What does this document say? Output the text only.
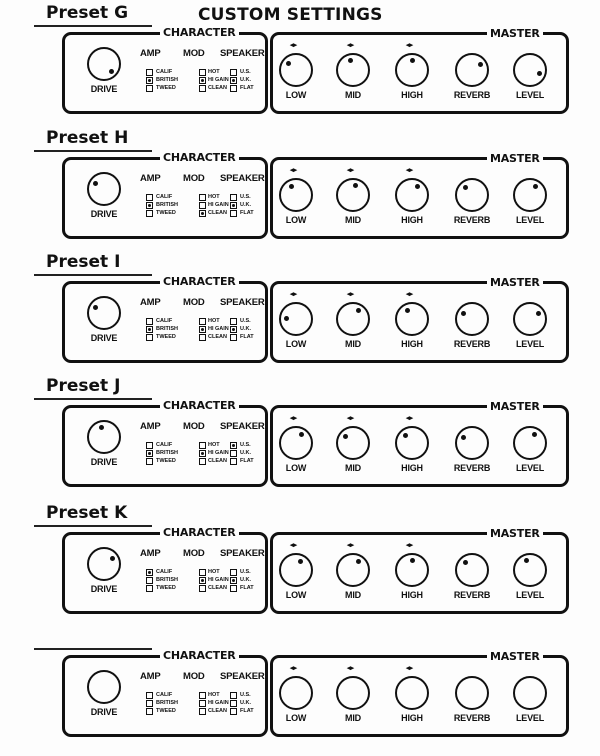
CUSTOM SETTINGS
Preset G
CHARACTER
DRIVE
AMP
CALIF
BRITISH
TWEED
MOD
HOT
HI GAIN
CLEAN
SPEAKER
U.S.
U.K.
FLAT
MASTER
◂▸
LOW
◂▸
MID
◂▸
HIGH	REVERB	LEVEL
Preset H
CHARACTER
DRIVE
AMP
CALIF
BRITISH
TWEED
MOD
HOT
HI GAIN
CLEAN
SPEAKER
U.S.
U.K.
FLAT
MASTER
◂▸
LOW
◂▸
MID
◂▸
HIGH	REVERB	LEVEL
Preset I
CHARACTER
DRIVE
AMP
CALIF
BRITISH
TWEED
MOD
HOT
HI GAIN
CLEAN
SPEAKER
U.S.
U.K.
FLAT
MASTER
◂▸
LOW
◂▸
MID
◂▸
HIGH	REVERB	LEVEL
Preset J
CHARACTER
DRIVE
AMP
CALIF
BRITISH
TWEED
MOD
HOT
HI GAIN
CLEAN
SPEAKER
U.S.
U.K.
FLAT
MASTER
◂▸
LOW
◂▸
MID
◂▸
HIGH	REVERB	LEVEL
Preset K
CHARACTER
DRIVE
AMP
CALIF
BRITISH
TWEED
MOD
HOT
HI GAIN
CLEAN
SPEAKER
U.S.
U.K.
FLAT
MASTER
◂▸
LOW
◂▸
MID
◂▸
HIGH	REVERB	LEVEL
CHARACTER
DRIVE
AMP
CALIF
BRITISH
TWEED
MOD
HOT
HI GAIN
CLEAN
SPEAKER
U.S.
U.K.
FLAT
MASTER
◂▸
LOW
◂▸
MID
◂▸
HIGH	REVERB	LEVEL
